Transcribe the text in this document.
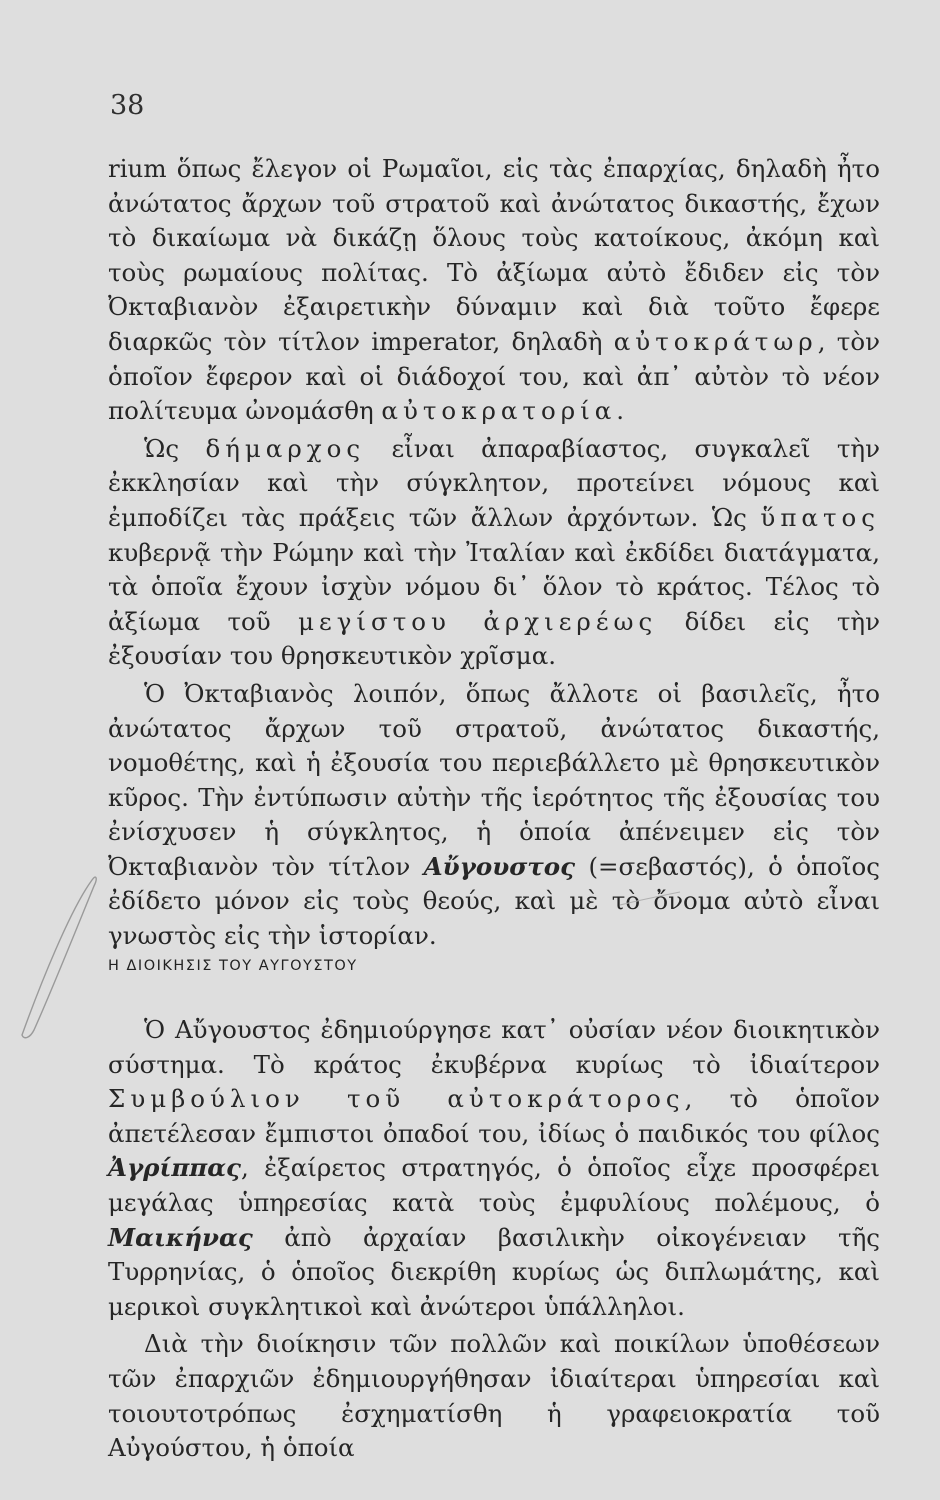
38

rium ὅπως ἔλεγον οἱ Ρωμαῖοι, εἰς τὰς ἐπαρχίας, δηλαδὴ ἦτο ἀνώτατος ἄρχων τοῦ στρατοῦ καὶ ἀνώτατος δικαστής, ἔχων τὸ δικαίωμα νὰ δικάζῃ ὅλους τοὺς κατοίκους, ἀκόμη καὶ τοὺς ρωμαίους πολίτας. Τὸ ἀξίωμα αὐτὸ ἔδιδεν εἰς τὸν Ὀκταβιανὸν ἐξαιρετικὴν δύναμιν καὶ διὰ τοῦτο ἔφερε διαρκῶς τὸν τίτλον imperator, δηλαδὴ αὐτοκράτωρ, τὸν ὁποῖον ἔφερον καὶ οἱ διάδοχοί του, καὶ ἀπ᾿ αὐτὸν τὸ νέον πολίτευμα ὠνομάσθη αὐτοκρατορία.

Ὡς δήμαρχος εἶναι ἀπαραβίαστος, συγκαλεῖ τὴν ἐκκλησίαν καὶ τὴν σύγκλητον, προτείνει νόμους καὶ ἐμποδίζει τὰς πράξεις τῶν ἄλλων ἀρχόντων. Ὡς ὕπατος κυβερνᾷ τὴν Ρώμην καὶ τὴν Ἰταλίαν καὶ ἐκδίδει διατάγματα, τὰ ὁποῖα ἔχουν ἰσχὺν νόμου δι᾿ ὅλον τὸ κράτος. Τέλος τὸ ἀξίωμα τοῦ μεγίστου ἀρχιερέως δίδει εἰς τὴν ἐξουσίαν του θρησκευτικὸν χρῖσμα.

Ὁ Ὀκταβιανὸς λοιπόν, ὅπως ἄλλοτε οἱ βασιλεῖς, ἦτο ἀνώτατος ἄρχων τοῦ στρατοῦ, ἀνώτατος δικαστής, νομοθέτης, καὶ ἡ ἐξουσία του περιεβάλλετο μὲ θρησκευτικὸν κῦρος. Τὴν ἐντύπωσιν αὐτὴν τῆς ἱερότητος τῆς ἐξουσίας του ἐνίσχυσεν ἡ σύγκλητος, ἡ ὁποία ἀπένειμεν εἰς τὸν Ὀκταβιανὸν τὸν τίτλον Αὔγουστος (=σεβαστός), ὁ ὁποῖος ἐδίδετο μόνον εἰς τοὺς θεούς, καὶ μὲ τὸ ὄνομα αὐτὸ εἶναι γνωστὸς εἰς τὴν ἱστορίαν.

Η ΔΙΟΙΚΗΣΙΣ ΤΟΥ ΑΥΓΟΥΣΤΟΥ

Ὁ Αὔγουστος ἐδημιούργησε κατ᾿ οὐσίαν νέον διοικητικὸν σύστημα. Τὸ κράτος ἐκυβέρνα κυρίως τὸ ἰδιαίτερον Συμβούλιον τοῦ αὐτοκράτορος, τὸ ὁποῖον ἀπετέλεσαν ἔμπιστοι ὀπαδοί του, ἰδίως ὁ παιδικός του φίλος Ἀγρίππας, ἐξαίρετος στρατηγός, ὁ ὁποῖος εἶχε προσφέρει μεγάλας ὑπηρεσίας κατὰ τοὺς ἐμφυλίους πολέμους, ὁ Μαικήνας ἀπὸ ἀρχαίαν βασιλικὴν οἰκογένειαν τῆς Τυρρηνίας, ὁ ὁποῖος διεκρίθη κυρίως ὡς διπλωμάτης, καὶ μερικοὶ συγκλητικοὶ καὶ ἀνώτεροι ὑπάλληλοι.

Διὰ τὴν διοίκησιν τῶν πολλῶν καὶ ποικίλων ὑποθέσεων τῶν ἐπαρχιῶν ἐδημιουργήθησαν ἰδιαίτεραι ὑπηρεσίαι καὶ τοιουτοτρόπως ἐσχηματίσθη ἡ γραφειοκρατία τοῦ Αὐγούστου, ἡ ὁποία
